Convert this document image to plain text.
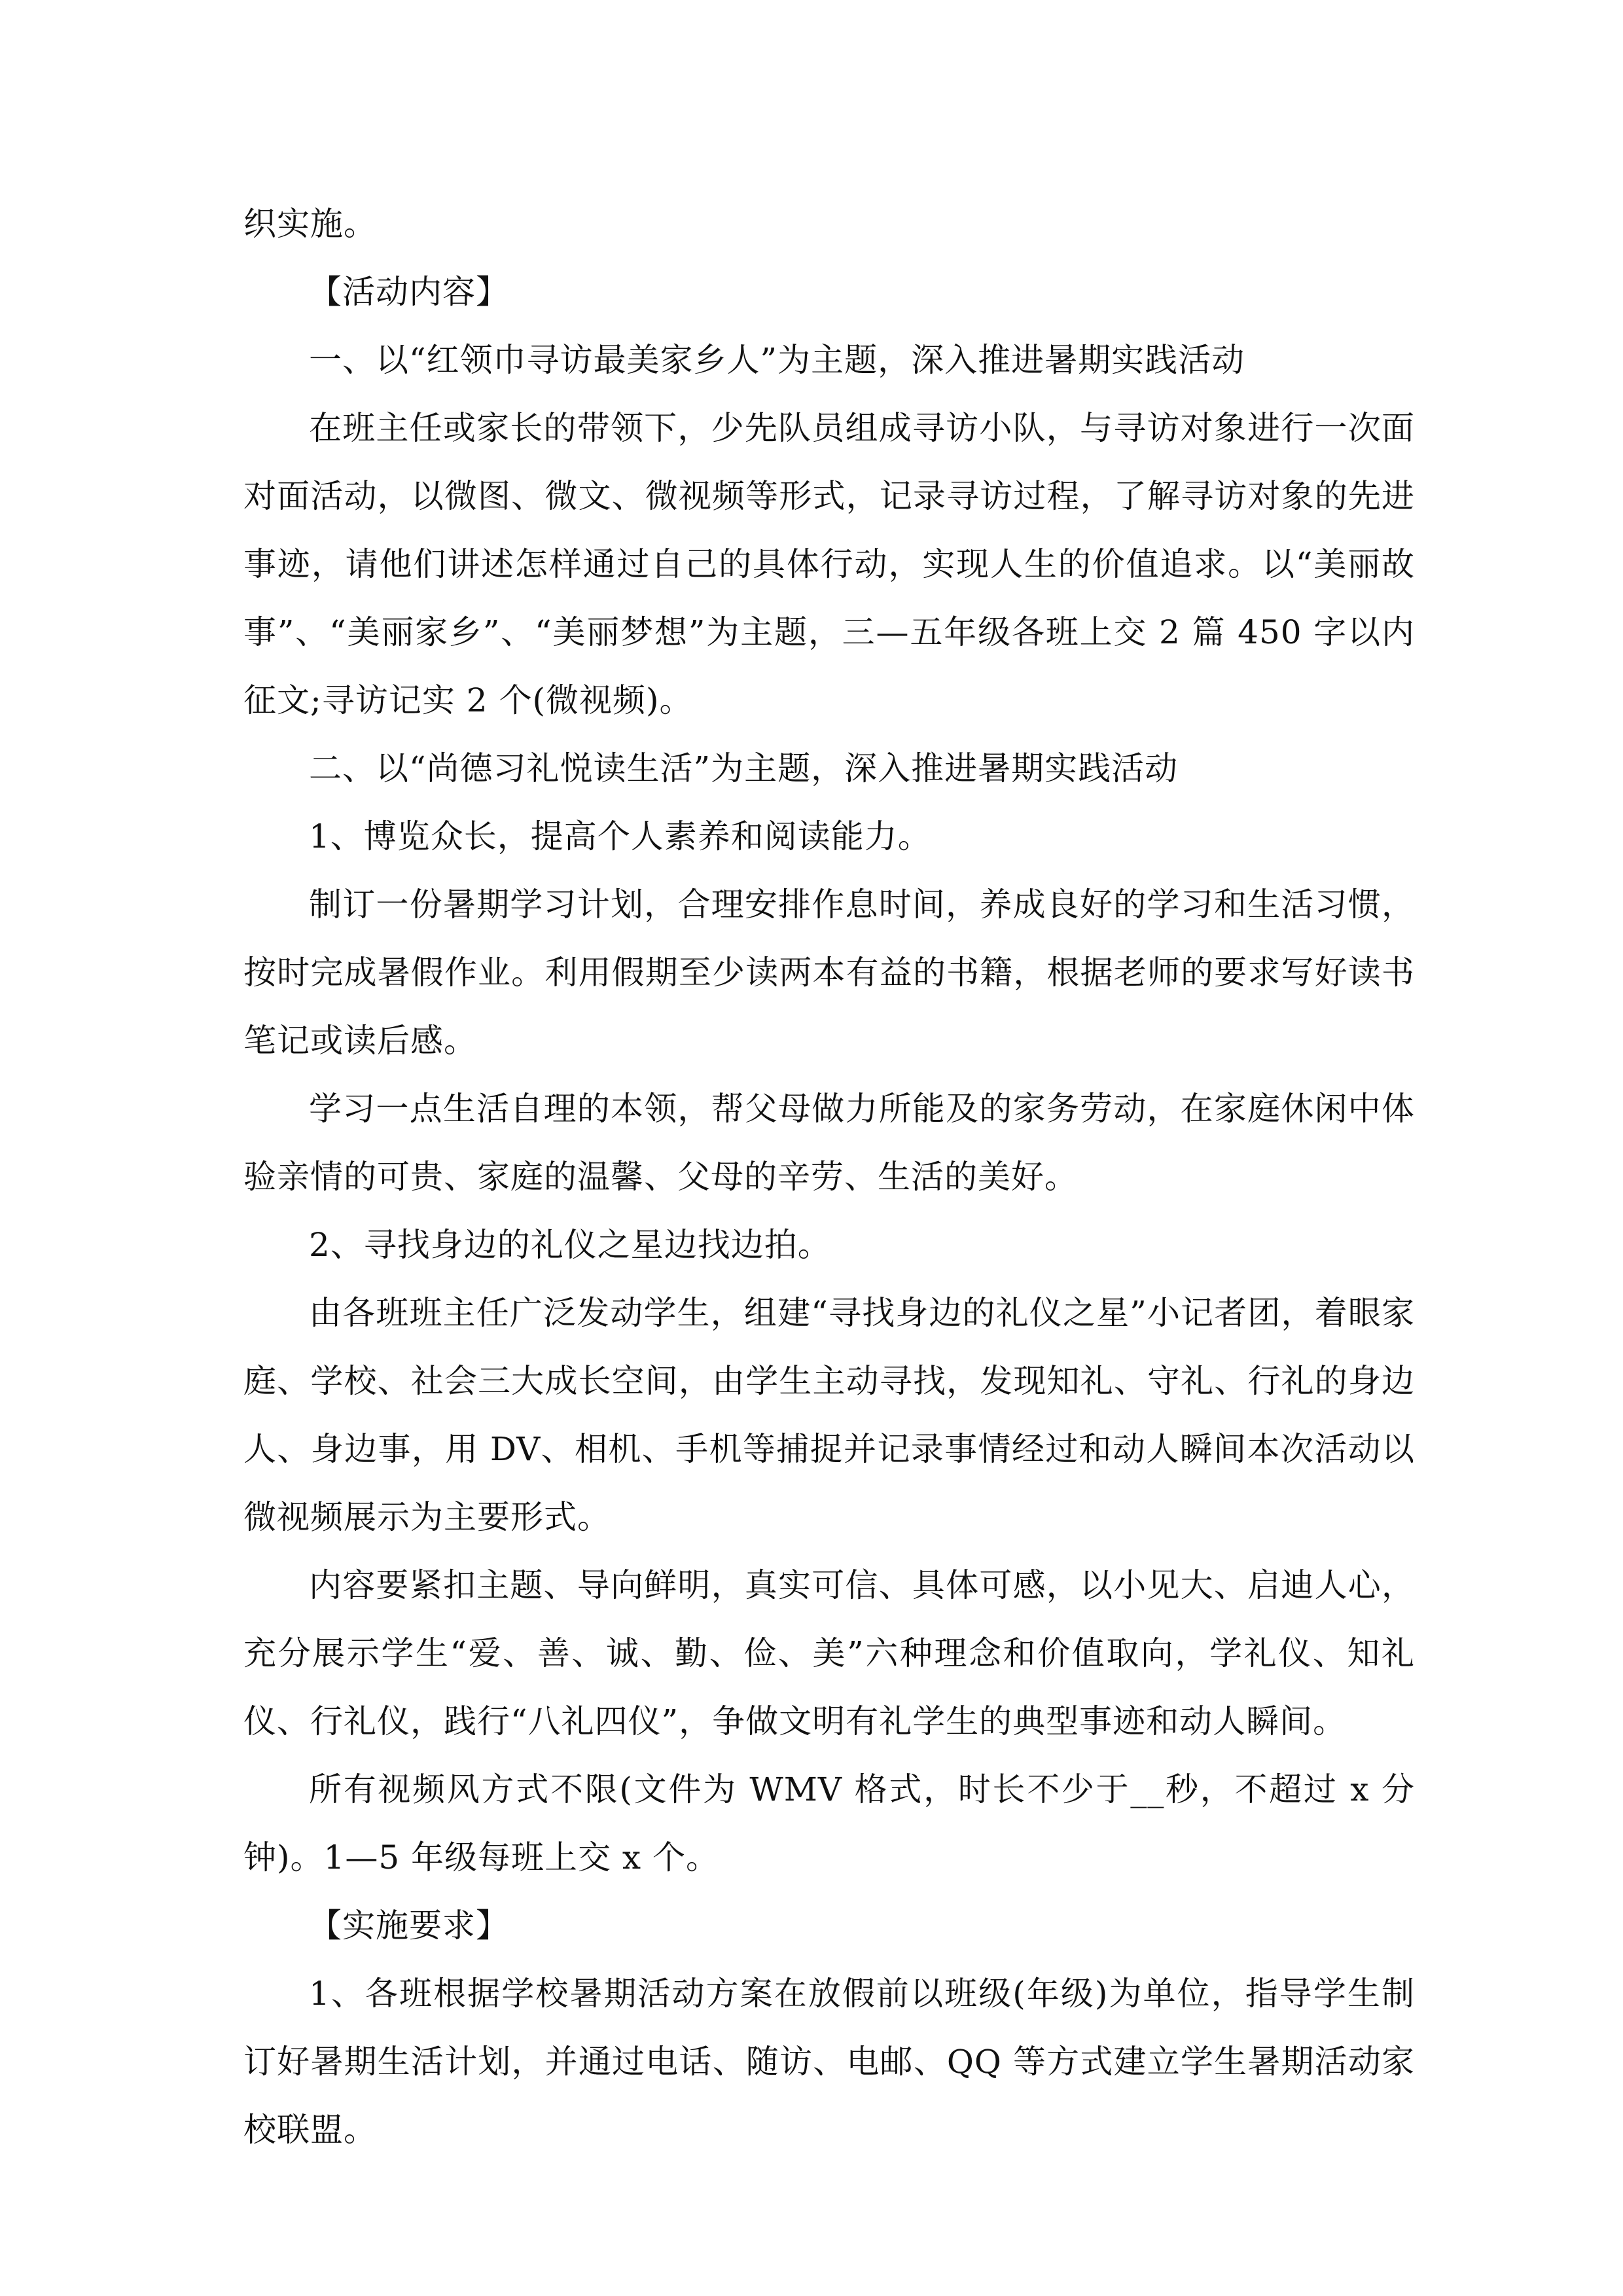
织实施。

【活动内容】

一、以“红领巾寻访最美家乡人”为主题，深入推进暑期实践活动

在班主任或家长的带领下，少先队员组成寻访小队，与寻访对象进行一次面对面活动，以微图、微文、微视频等形式，记录寻访过程，了解寻访对象的先进事迹，请他们讲述怎样通过自己的具体行动，实现人生的价值追求。以“美丽故事”、“美丽家乡”、“美丽梦想”为主题，三—五年级各班上交 2 篇 450 字以内征文;寻访记实 2 个(微视频)。

二、以“尚德习礼悦读生活”为主题，深入推进暑期实践活动

1、博览众长，提高个人素养和阅读能力。

制订一份暑期学习计划，合理安排作息时间，养成良好的学习和生活习惯，按时完成暑假作业。利用假期至少读两本有益的书籍，根据老师的要求写好读书笔记或读后感。

学习一点生活自理的本领，帮父母做力所能及的家务劳动，在家庭休闲中体验亲情的可贵、家庭的温馨、父母的辛劳、生活的美好。

2、寻找身边的礼仪之星边找边拍。

由各班班主任广泛发动学生，组建“寻找身边的礼仪之星”小记者团，着眼家庭、学校、社会三大成长空间，由学生主动寻找，发现知礼、守礼、行礼的身边人、身边事，用 DV、相机、手机等捕捉并记录事情经过和动人瞬间本次活动以微视频展示为主要形式。

内容要紧扣主题、导向鲜明，真实可信、具体可感，以小见大、启迪人心，充分展示学生“爱、善、诚、勤、俭、美”六种理念和价值取向，学礼仪、知礼仪、行礼仪，践行“八礼四仪”，争做文明有礼学生的典型事迹和动人瞬间。

所有视频风方式不限(文件为 WMV 格式，时长不少于__秒，不超过 x 分钟)。1—5 年级每班上交 x 个。

【实施要求】

1、各班根据学校暑期活动方案在放假前以班级(年级)为单位，指导学生制订好暑期生活计划，并通过电话、随访、电邮、QQ 等方式建立学生暑期活动家校联盟。
